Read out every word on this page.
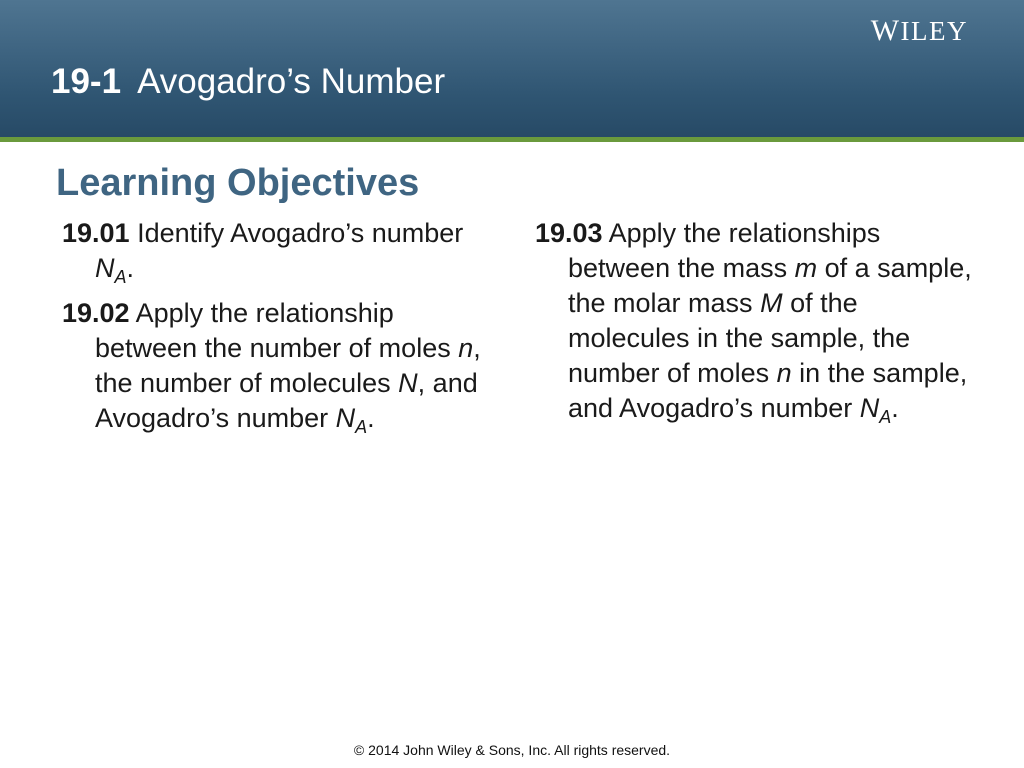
WILEY
19-1 Avogadro’s Number
Learning Objectives

19.01 Identify Avogadro’s number $N_A$.

19.02 Apply the relationship between the number of moles n, the number of molecules N, and Avogadro’s number $N_A$.

19.03 Apply the relationships between the mass m of a sample, the molar mass M of the molecules in the sample, the number of moles n in the sample, and Avogadro’s number $N_A$.

© 2014 John Wiley & Sons, Inc. All rights reserved.
